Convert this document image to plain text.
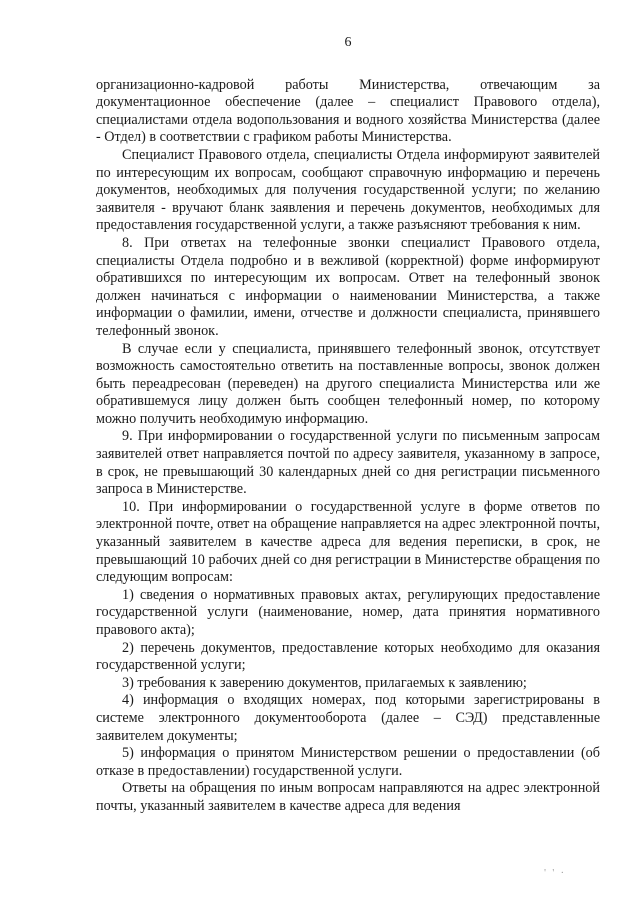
6

организационно-кадровой работы Министерства, отвечающим за документационное обеспечение (далее – специалист Правового отдела), специалистами отдела водопользования и водного хозяйства Министерства (далее - Отдел) в соответствии с графиком работы Министерства.

Специалист Правового отдела, специалисты Отдела информируют заявителей по интересующим их вопросам, сообщают справочную информацию и перечень документов, необходимых для получения государственной услуги; по желанию заявителя - вручают бланк заявления и перечень документов, необходимых для предоставления государственной услуги, а также разъясняют требования к ним.

8. При ответах на телефонные звонки специалист Правового отдела, специалисты Отдела подробно и в вежливой (корректной) форме информируют обратившихся по интересующим их вопросам. Ответ на телефонный звонок должен начинаться с информации о наименовании Министерства, а также информации о фамилии, имени, отчестве и должности специалиста, принявшего телефонный звонок.

В случае если у специалиста, принявшего телефонный звонок, отсутствует возможность самостоятельно ответить на поставленные вопросы, звонок должен быть переадресован (переведен) на другого специалиста Министерства или же обратившемуся лицу должен быть сообщен телефонный номер, по которому можно получить необходимую информацию.

9. При информировании о государственной услуги по письменным запросам заявителей ответ направляется почтой по адресу заявителя, указанному в запросе, в срок, не превышающий 30 календарных дней со дня регистрации письменного запроса в Министерстве.

10. При информировании о государственной услуге в форме ответов по электронной почте, ответ на обращение направляется на адрес электронной почты, указанный заявителем в качестве адреса для ведения переписки, в срок, не превышающий 10 рабочих дней со дня регистрации в Министерстве обращения по следующим вопросам:

1) сведения о нормативных правовых актах, регулирующих предоставление государственной услуги (наименование, номер, дата принятия нормативного правового акта);

2) перечень документов, предоставление которых необходимо для оказания государственной услуги;

3) требования к заверению документов, прилагаемых к заявлению;

4) информация о входящих номерах, под которыми зарегистрированы в системе электронного документооборота (далее – СЭД) представленные заявителем документы;

5) информация о принятом Министерством решении о предоставлении (об отказе в предоставлении) государственной услуги.

Ответы на обращения по иным вопросам направляются на адрес электронной почты, указанный заявителем в качестве адреса для ведения

' ' ·
